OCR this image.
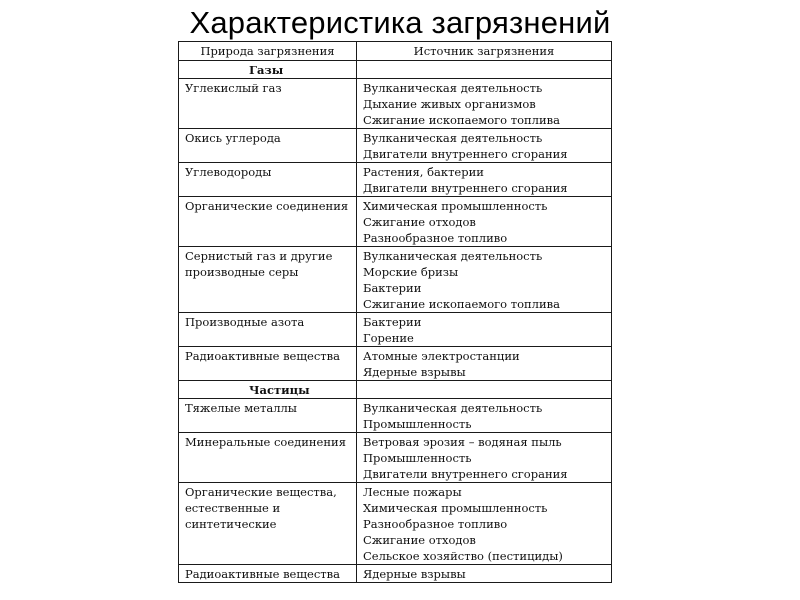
Характеристика загрязнений
Природа загрязнения	Источник загрязнения
Газы	
Углекислый газ	Вулканическая деятельность
Дыхание живых организмов
Сжигание ископаемого топлива

Окись углерода	Вулканическая деятельность
Двигатели внутреннего сгорания

Углеводороды	Растения, бактерии
Двигатели внутреннего сгорания

Органические соединения	Химическая промышленность
Сжигание отходов
Разнообразное топливо

Сернистый газ и другие производные серы	Вулканическая деятельность
Морские бризы
Бактерии
Сжигание ископаемого топлива

Производные азота	Бактерии
Горение

Радиоактивные вещества	Атомные электростанции
Ядерные взрывы

Частицы	
Тяжелые металлы	Вулканическая деятельность
Промышленность

Минеральные соединения	Ветровая эрозия – водяная пыль
Промышленность
Двигатели внутреннего сгорания

Органические вещества, естественные и синтетические	Лесные пожары
Химическая промышленность
Разнообразное топливо
Сжигание отходов
Сельское хозяйство (пестициды)

Радиоактивные вещества	Ядерные взрывы
